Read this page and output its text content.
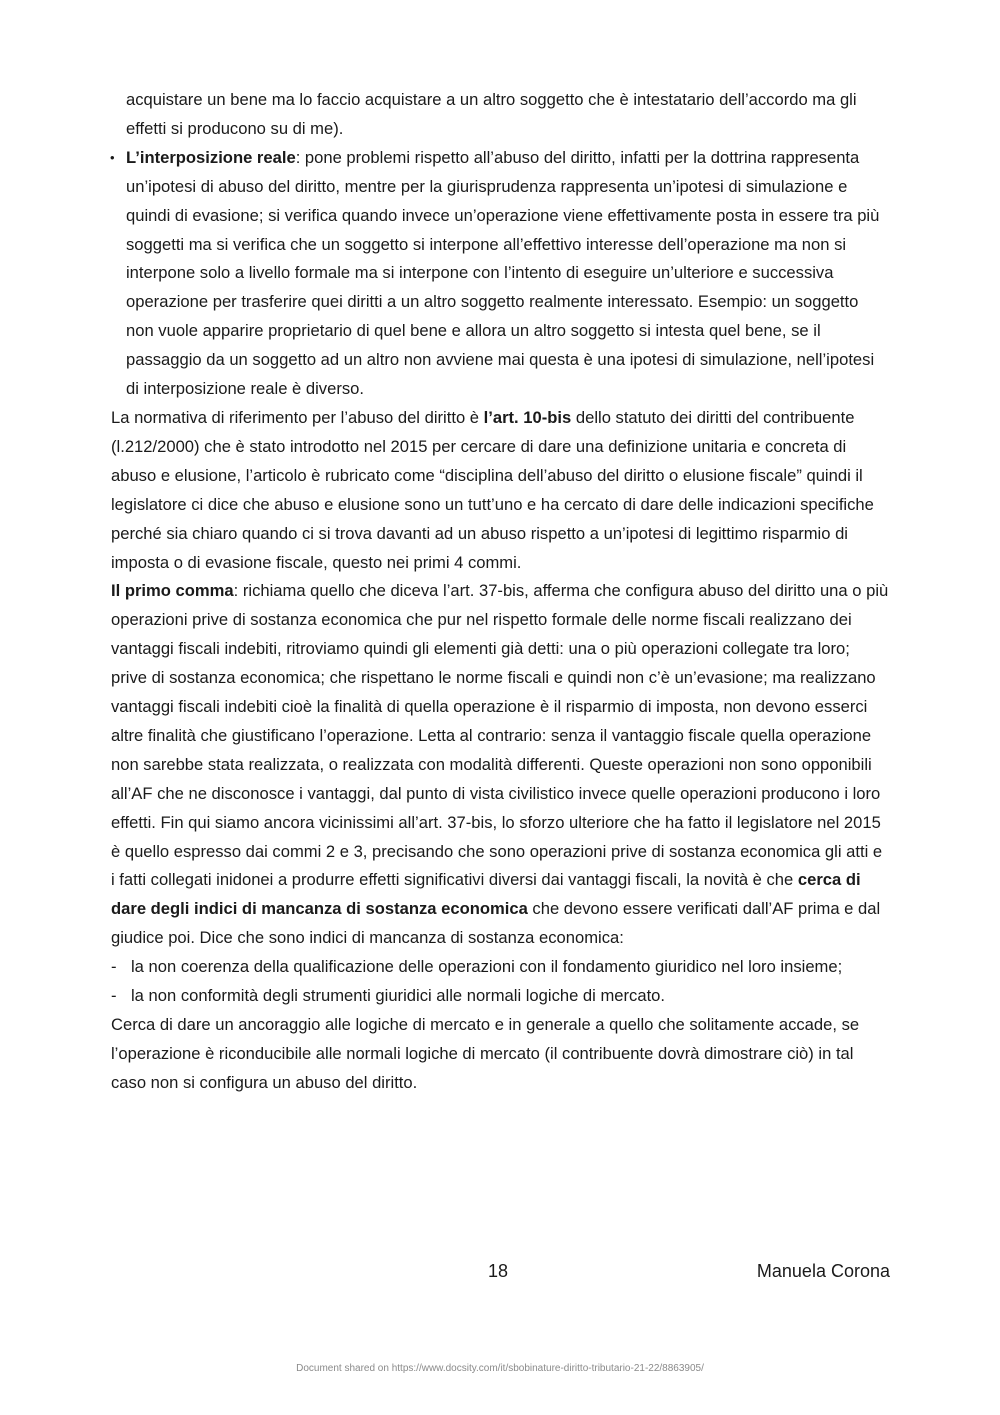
acquistare un bene ma lo faccio acquistare a un altro soggetto che è intestatario dell’accordo ma gli effetti si producono su di me).

• L’interposizione reale: pone problemi rispetto all’abuso del diritto, infatti per la dottrina rappresenta un’ipotesi di abuso del diritto, mentre per la giurisprudenza rappresenta un’ipotesi di simulazione e quindi di evasione; si verifica quando invece un’operazione viene effettivamente posta in essere tra più soggetti ma si verifica che un soggetto si interpone all’effettivo interesse dell’operazione ma non si interpone solo a livello formale ma si interpone con l’intento di eseguire un’ulteriore e successiva operazione per trasferire quei diritti a un altro soggetto realmente interessato. Esempio: un soggetto non vuole apparire proprietario di quel bene e allora un altro soggetto si intesta quel bene, se il passaggio da un soggetto ad un altro non avviene mai questa è una ipotesi di simulazione, nell’ipotesi di interposizione reale è diverso.

La normativa di riferimento per l’abuso del diritto è l’art. 10-bis dello statuto dei diritti del contribuente (l.212/2000) che è stato introdotto nel 2015 per cercare di dare una definizione unitaria e concreta di abuso e elusione, l’articolo è rubricato come “disciplina dell’abuso del diritto o elusione fiscale” quindi il legislatore ci dice che abuso e elusione sono un tutt’uno e ha cercato di dare delle indicazioni specifiche perché sia chiaro quando ci si trova davanti ad un abuso rispetto a un’ipotesi di legittimo risparmio di imposta o di evasione fiscale, questo nei primi 4 commi.

Il primo comma: richiama quello che diceva l’art. 37-bis, afferma che configura abuso del diritto una o più operazioni prive di sostanza economica che pur nel rispetto formale delle norme fiscali realizzano dei vantaggi fiscali indebiti, ritroviamo quindi gli elementi già detti: una o più operazioni collegate tra loro; prive di sostanza economica; che rispettano le norme fiscali e quindi non c’è un’evasione; ma realizzano vantaggi fiscali indebiti cioè la finalità di quella operazione è il risparmio di imposta, non devono esserci altre finalità che giustificano l’operazione. Letta al contrario: senza il vantaggio fiscale quella operazione non sarebbe stata realizzata, o realizzata con modalità differenti. Queste operazioni non sono opponibili all’AF che ne disconosce i vantaggi, dal punto di vista civilistico invece quelle operazioni producono i loro effetti. Fin qui siamo ancora vicinissimi all’art. 37-bis, lo sforzo ulteriore che ha fatto il legislatore nel 2015 è quello espresso dai commi 2 e 3, precisando che sono operazioni prive di sostanza economica gli atti e i fatti collegati inidonei a produrre effetti significativi diversi dai vantaggi fiscali, la novità è che cerca di dare degli indici di mancanza di sostanza economica che devono essere verificati dall’AF prima e dal giudice poi. Dice che sono indici di mancanza di sostanza economica:

- la non coerenza della qualificazione delle operazioni con il fondamento giuridico nel loro insieme;
- la non conformità degli strumenti giuridici alle normali logiche di mercato.

Cerca di dare un ancoraggio alle logiche di mercato e in generale a quello che solitamente accade, se l’operazione è riconducibile alle normali logiche di mercato (il contribuente dovrà dimostrare ciò) in tal caso non si configura un abuso del diritto.

18	Manuela Corona
Document shared on https://www.docsity.com/it/sbobinature-diritto-tributario-21-22/8863905/
